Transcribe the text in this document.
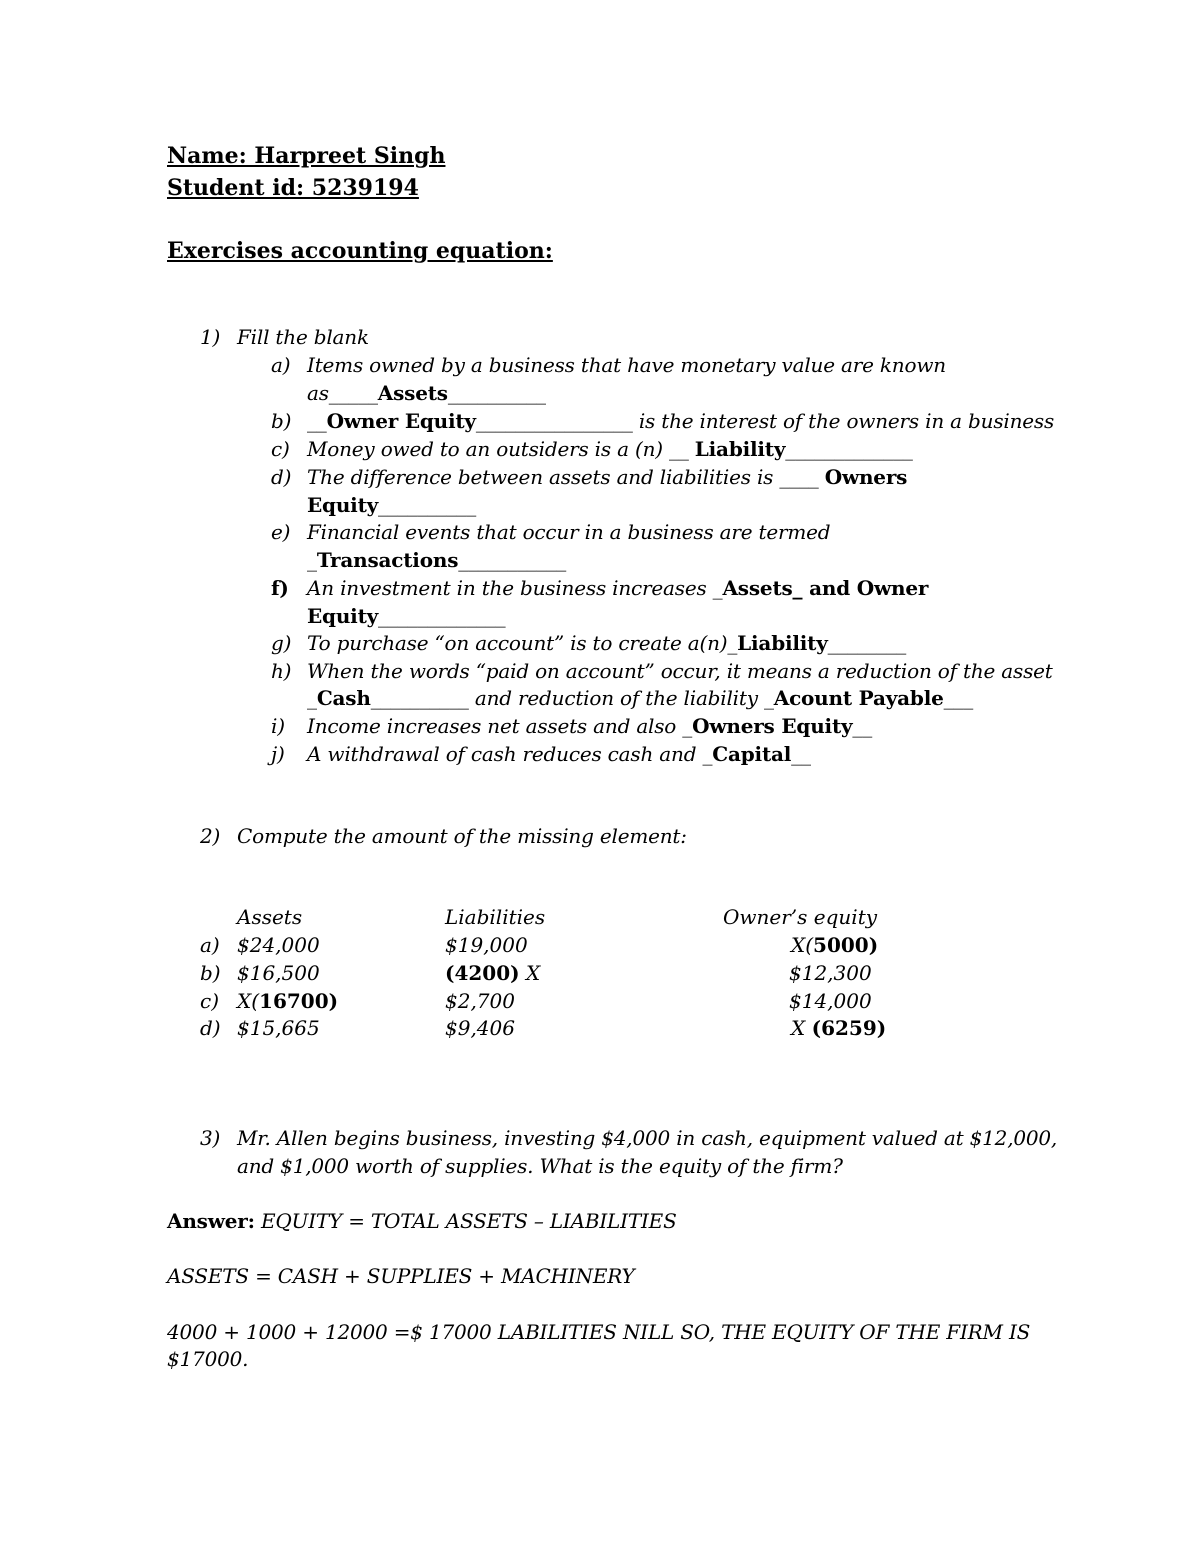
Name: Harpreet Singh
Student id: 5239194
Exercises accounting equation:
1) Fill the blank
a) Items owned by a business that have monetary value are known
as_____Assets__________
b) __Owner Equity________________ is the interest of the owners in a business
c) Money owed to an outsiders is a (n) __ Liability_____________
d) The difference between assets and liabilities is ____ Owners
Equity__________
e) Financial events that occur in a business are termed
_Transactions___________
f) An investment in the business increases _Assets_ and Owner
Equity_____________
g) To purchase “on account” is to create a(n)_Liability________
h) When the words “paid on account” occur, it means a reduction of the asset
_Cash__________ and reduction of the liability _Acount Payable___
i) Income increases net assets and also _Owners Equity__
j) A withdrawal of cash reduces cash and _Capital__
2) Compute the amount of the missing element:
Assets	Liabilities	Owner’s equity
a) $24,000	$19,000	X(5000)
b) $16,500	(4200) X	$12,300
c) X(16700)	$2,700	$14,000
d) $15,665	$9,406	X (6259)
3) Mr. Allen begins business, investing $4,000 in cash, equipment valued at $12,000,
and $1,000 worth of supplies. What is the equity of the firm?
Answer: EQUITY = TOTAL ASSETS – LIABILITIES
ASSETS = CASH + SUPPLIES + MACHINERY
4000 + 1000 + 12000 =$ 17000 LABILITIES NILL SO, THE EQUITY OF THE FIRM IS
$17000.
